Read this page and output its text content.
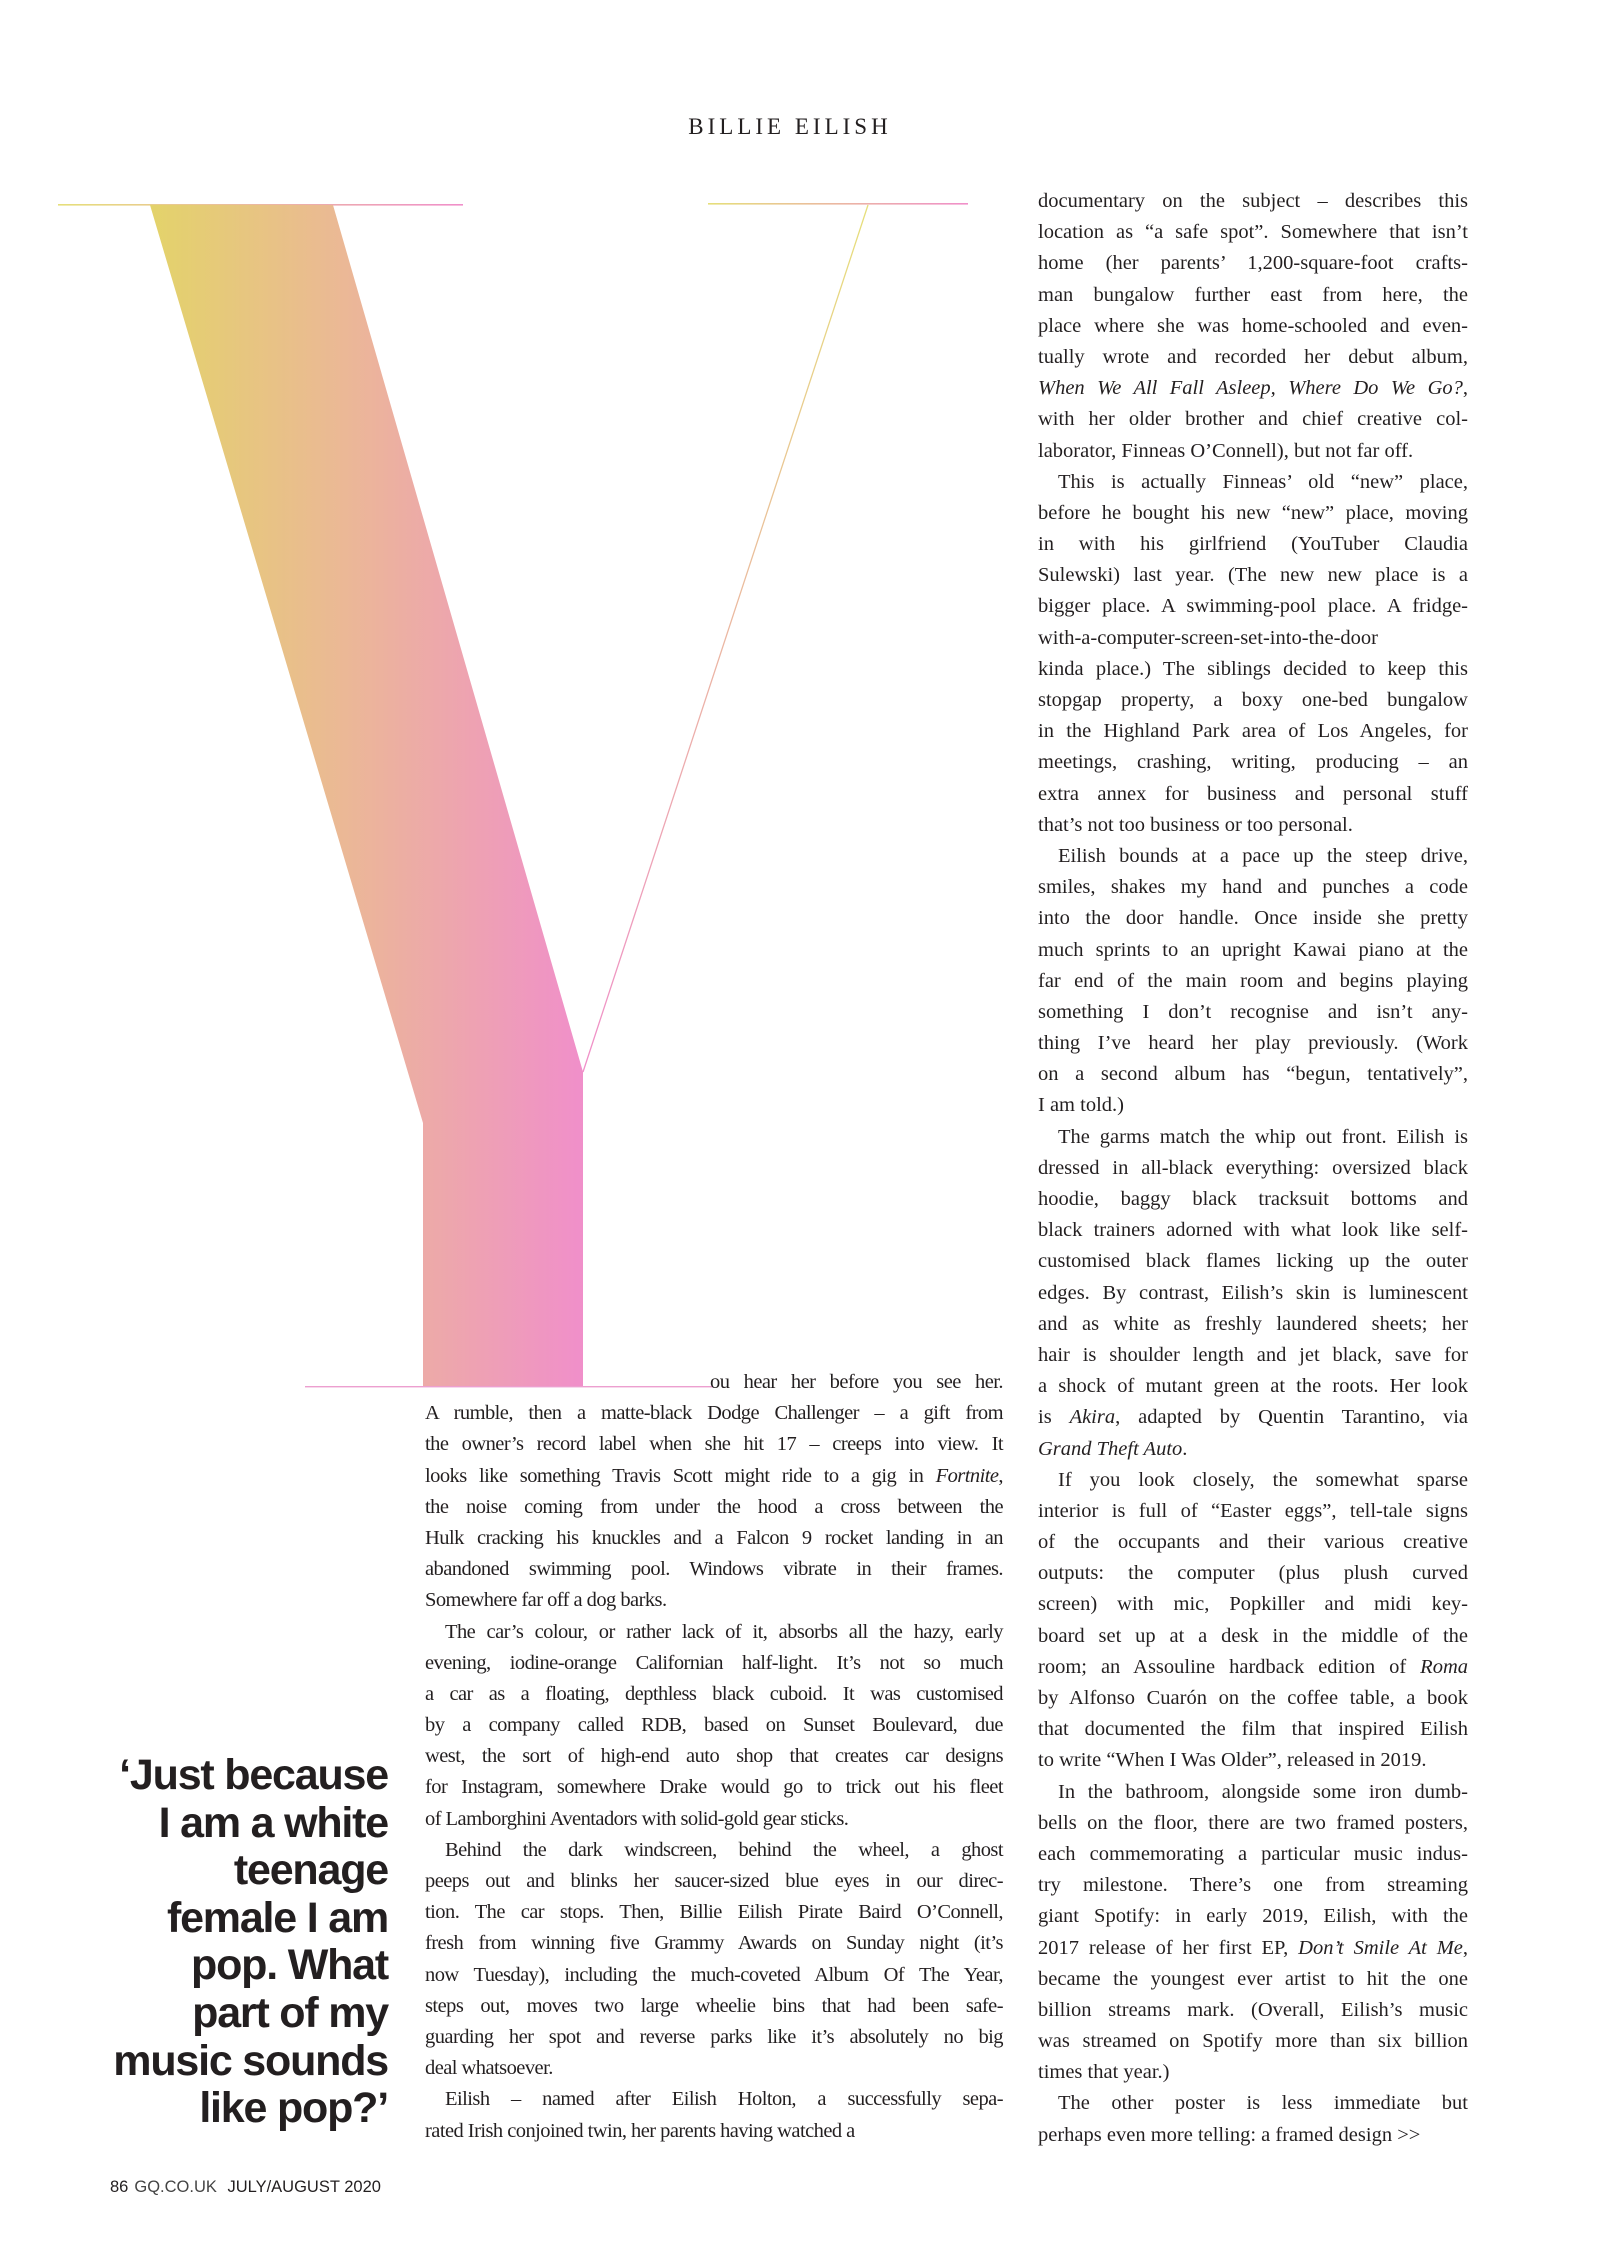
BILLIE EILISH
ou hear her before you see her.
A rumble, then a matte-black Dodge Challenger – a gift from
the owner’s record label when she hit 17 – creeps into view. It
looks like something Travis Scott might ride to a gig in Fortnite,
the noise coming from under the hood a cross between the
Hulk cracking his knuckles and a Falcon 9 rocket landing in an
abandoned swimming pool. Windows vibrate in their frames.
Somewhere far off a dog barks.
The car’s colour, or rather lack of it, absorbs all the hazy, early
evening, iodine-orange Californian half-light. It’s not so much
a car as a floating, depthless black cuboid. It was customised
by a company called RDB, based on Sunset Boulevard, due
west, the sort of high-end auto shop that creates car designs
for Instagram, somewhere Drake would go to trick out his fleet
of Lamborghini Aventadors with solid-gold gear sticks.
Behind the dark windscreen, behind the wheel, a ghost
peeps out and blinks her saucer-sized blue eyes in our direc-
tion. The car stops. Then, Billie Eilish Pirate Baird O’Connell,
fresh from winning five Grammy Awards on Sunday night (it’s
now Tuesday), including the much-coveted Album Of The Year,
steps out, moves two large wheelie bins that had been safe-
guarding her spot and reverse parks like it’s absolutely no big
deal whatsoever.
Eilish – named after Eilish Holton, a successfully sepa-
rated Irish conjoined twin, her parents having watched a
documentary on the subject – describes this
location as “a safe spot”. Somewhere that isn’t
home (her parents’ 1,200-square-foot crafts-
man bungalow further east from here, the
place where she was home-schooled and even-
tually wrote and recorded her debut album,
When We All Fall Asleep, Where Do We Go?,
with her older brother and chief creative col-
laborator, Finneas O’Connell), but not far off.
This is actually Finneas’ old “new” place,
before he bought his new “new” place, moving
in with his girlfriend (YouTuber Claudia
Sulewski) last year. (The new new place is a
bigger place. A swimming-pool place. A fridge-
with-a-computer-screen-set-into-the-door
kinda place.) The siblings decided to keep this
stopgap property, a boxy one-bed bungalow
in the Highland Park area of Los Angeles, for
meetings, crashing, writing, producing – an
extra annex for business and personal stuff
that’s not too business or too personal.
Eilish bounds at a pace up the steep drive,
smiles, shakes my hand and punches a code
into the door handle. Once inside she pretty
much sprints to an upright Kawai piano at the
far end of the main room and begins playing
something I don’t recognise and isn’t any-
thing I’ve heard her play previously. (Work
on a second album has “begun, tentatively”,
I am told.)
The garms match the whip out front. Eilish is
dressed in all-black everything: oversized black
hoodie, baggy black tracksuit bottoms and
black trainers adorned with what look like self-
customised black flames licking up the outer
edges. By contrast, Eilish’s skin is luminescent
and as white as freshly laundered sheets; her
hair is shoulder length and jet black, save for
a shock of mutant green at the roots. Her look
is Akira, adapted by Quentin Tarantino, via
Grand Theft Auto.
If you look closely, the somewhat sparse
interior is full of “Easter eggs”, tell-tale signs
of the occupants and their various creative
outputs: the computer (plus plush curved
screen) with mic, Popkiller and midi key-
board set up at a desk in the middle of the
room; an Assouline hardback edition of Roma
by Alfonso Cuarón on the coffee table, a book
that documented the film that inspired Eilish
to write “When I Was Older”, released in 2019.
In the bathroom, alongside some iron dumb-
bells on the floor, there are two framed posters,
each commemorating a particular music indus-
try milestone. There’s one from streaming
giant Spotify: in early 2019, Eilish, with the
2017 release of her first EP, Don’t Smile At Me,
became the youngest ever artist to hit the one
billion streams mark. (Overall, Eilish’s music
was streamed on Spotify more than six billion
times that year.)
The other poster is less immediate but
perhaps even more telling: a framed design >>
‘Just because
I am a white
teenage
female I am
pop. What
part of my
music sounds
like pop?’
86 GQ.CO.UK JULY/AUGUST 2020
